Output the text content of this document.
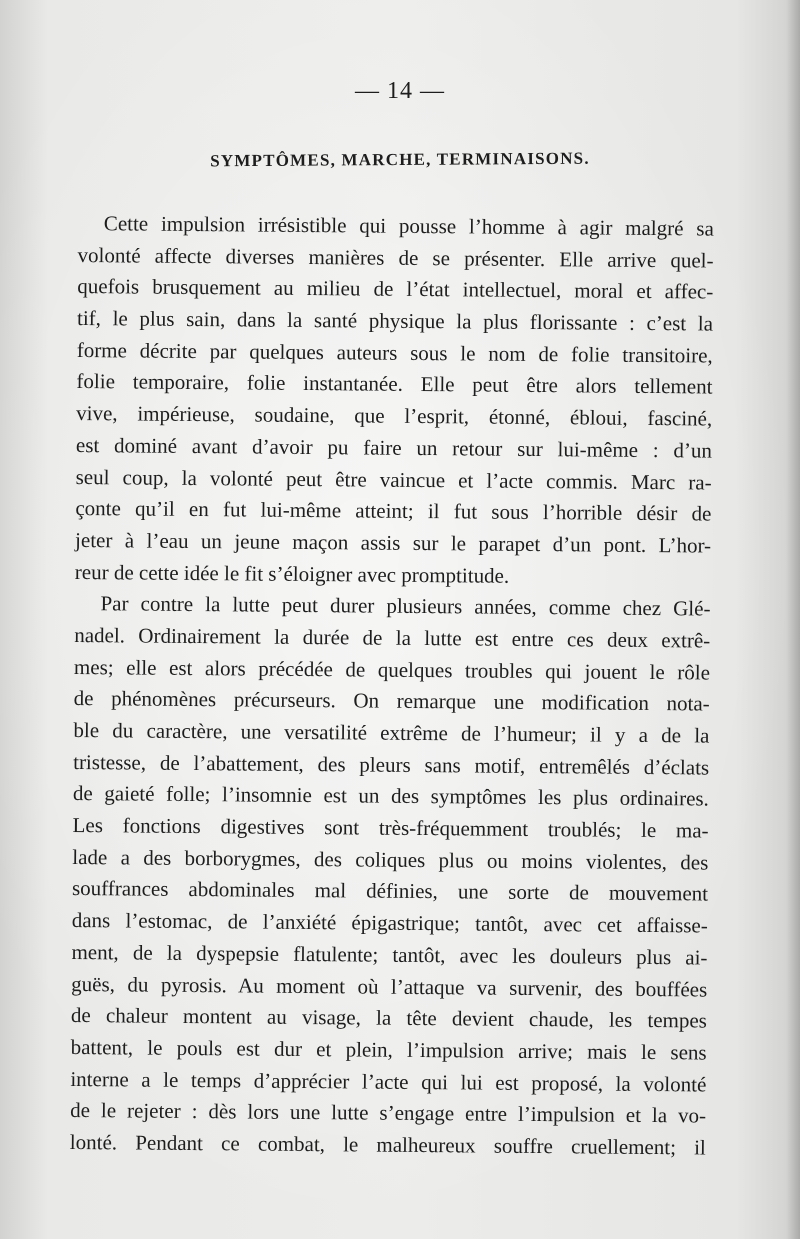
— 14 —
SYMPTÔMES, MARCHE, TERMINAISONS.
Cette impulsion irrésistible qui pousse l’homme à agir malgré sa
volonté affecte diverses manières de se présenter. Elle arrive quel-
quefois brusquement au milieu de l’état intellectuel, moral et affec-
tif, le plus sain, dans la santé physique la plus florissante : c’est la
forme décrite par quelques auteurs sous le nom de folie transitoire,
folie temporaire, folie instantanée. Elle peut être alors tellement
vive, impérieuse, soudaine, que l’esprit, étonné, ébloui, fasciné,
est dominé avant d’avoir pu faire un retour sur lui-même : d’un
seul coup, la volonté peut être vaincue et l’acte commis. Marc ra-
çonte qu’il en fut lui-même atteint; il fut sous l’horrible désir de
jeter à l’eau un jeune maçon assis sur le parapet d’un pont. L’hor-
reur de cette idée le fit s’éloigner avec promptitude.
Par contre la lutte peut durer plusieurs années, comme chez Glé-
nadel. Ordinairement la durée de la lutte est entre ces deux extrê-
mes; elle est alors précédée de quelques troubles qui jouent le rôle
de phénomènes précurseurs. On remarque une modification nota-
ble du caractère, une versatilité extrême de l’humeur; il y a de la
tristesse, de l’abattement, des pleurs sans motif, entremêlés d’éclats
de gaieté folle; l’insomnie est un des symptômes les plus ordinaires.
Les fonctions digestives sont très-fréquemment troublés; le ma-
lade a des borborygmes, des coliques plus ou moins violentes, des
souffrances abdominales mal définies, une sorte de mouvement
dans l’estomac, de l’anxiété épigastrique; tantôt, avec cet affaisse-
ment, de la dyspepsie flatulente; tantôt, avec les douleurs plus ai-
guës, du pyrosis. Au moment où l’attaque va survenir, des bouffées
de chaleur montent au visage, la tête devient chaude, les tempes
battent, le pouls est dur et plein, l’impulsion arrive; mais le sens
interne a le temps d’apprécier l’acte qui lui est proposé, la volonté
de le rejeter : dès lors une lutte s’engage entre l’impulsion et la vo-
lonté. Pendant ce combat, le malheureux souffre cruellement; il
